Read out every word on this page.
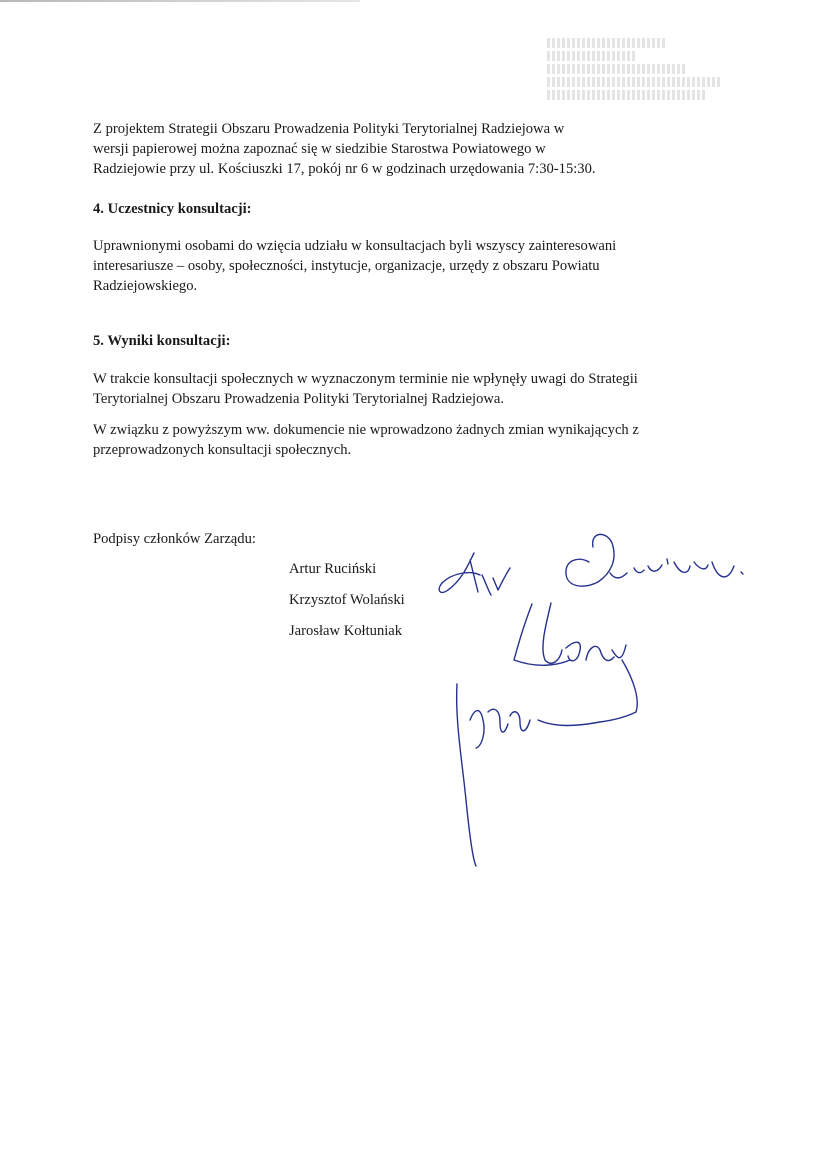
Z projektem Strategii Obszaru Prowadzenia Polityki Terytorialnej Radziejowa w
wersji papierowej można zapoznać się w siedzibie Starostwa Powiatowego w
Radziejowie przy ul. Kościuszki 17, pokój nr 6 w godzinach urzędowania 7:30-15:30.
4. Uczestnicy konsultacji:
Uprawnionymi osobami do wzięcia udziału w konsultacjach byli wszyscy zainteresowani
interesariusze – osoby, społeczności, instytucje, organizacje, urzędy z obszaru Powiatu
Radziejowskiego.
5. Wyniki konsultacji:
W trakcie konsultacji społecznych w wyznaczonym terminie nie wpłynęły uwagi do Strategii
Terytorialnej Obszaru Prowadzenia Polityki Terytorialnej Radziejowa.
W związku z powyższym ww. dokumencie nie wprowadzono żadnych zmian wynikających z
przeprowadzonych konsultacji społecznych.
Podpisy członków Zarządu:
Artur Ruciński
Krzysztof Wolański
Jarosław Kołtuniak
